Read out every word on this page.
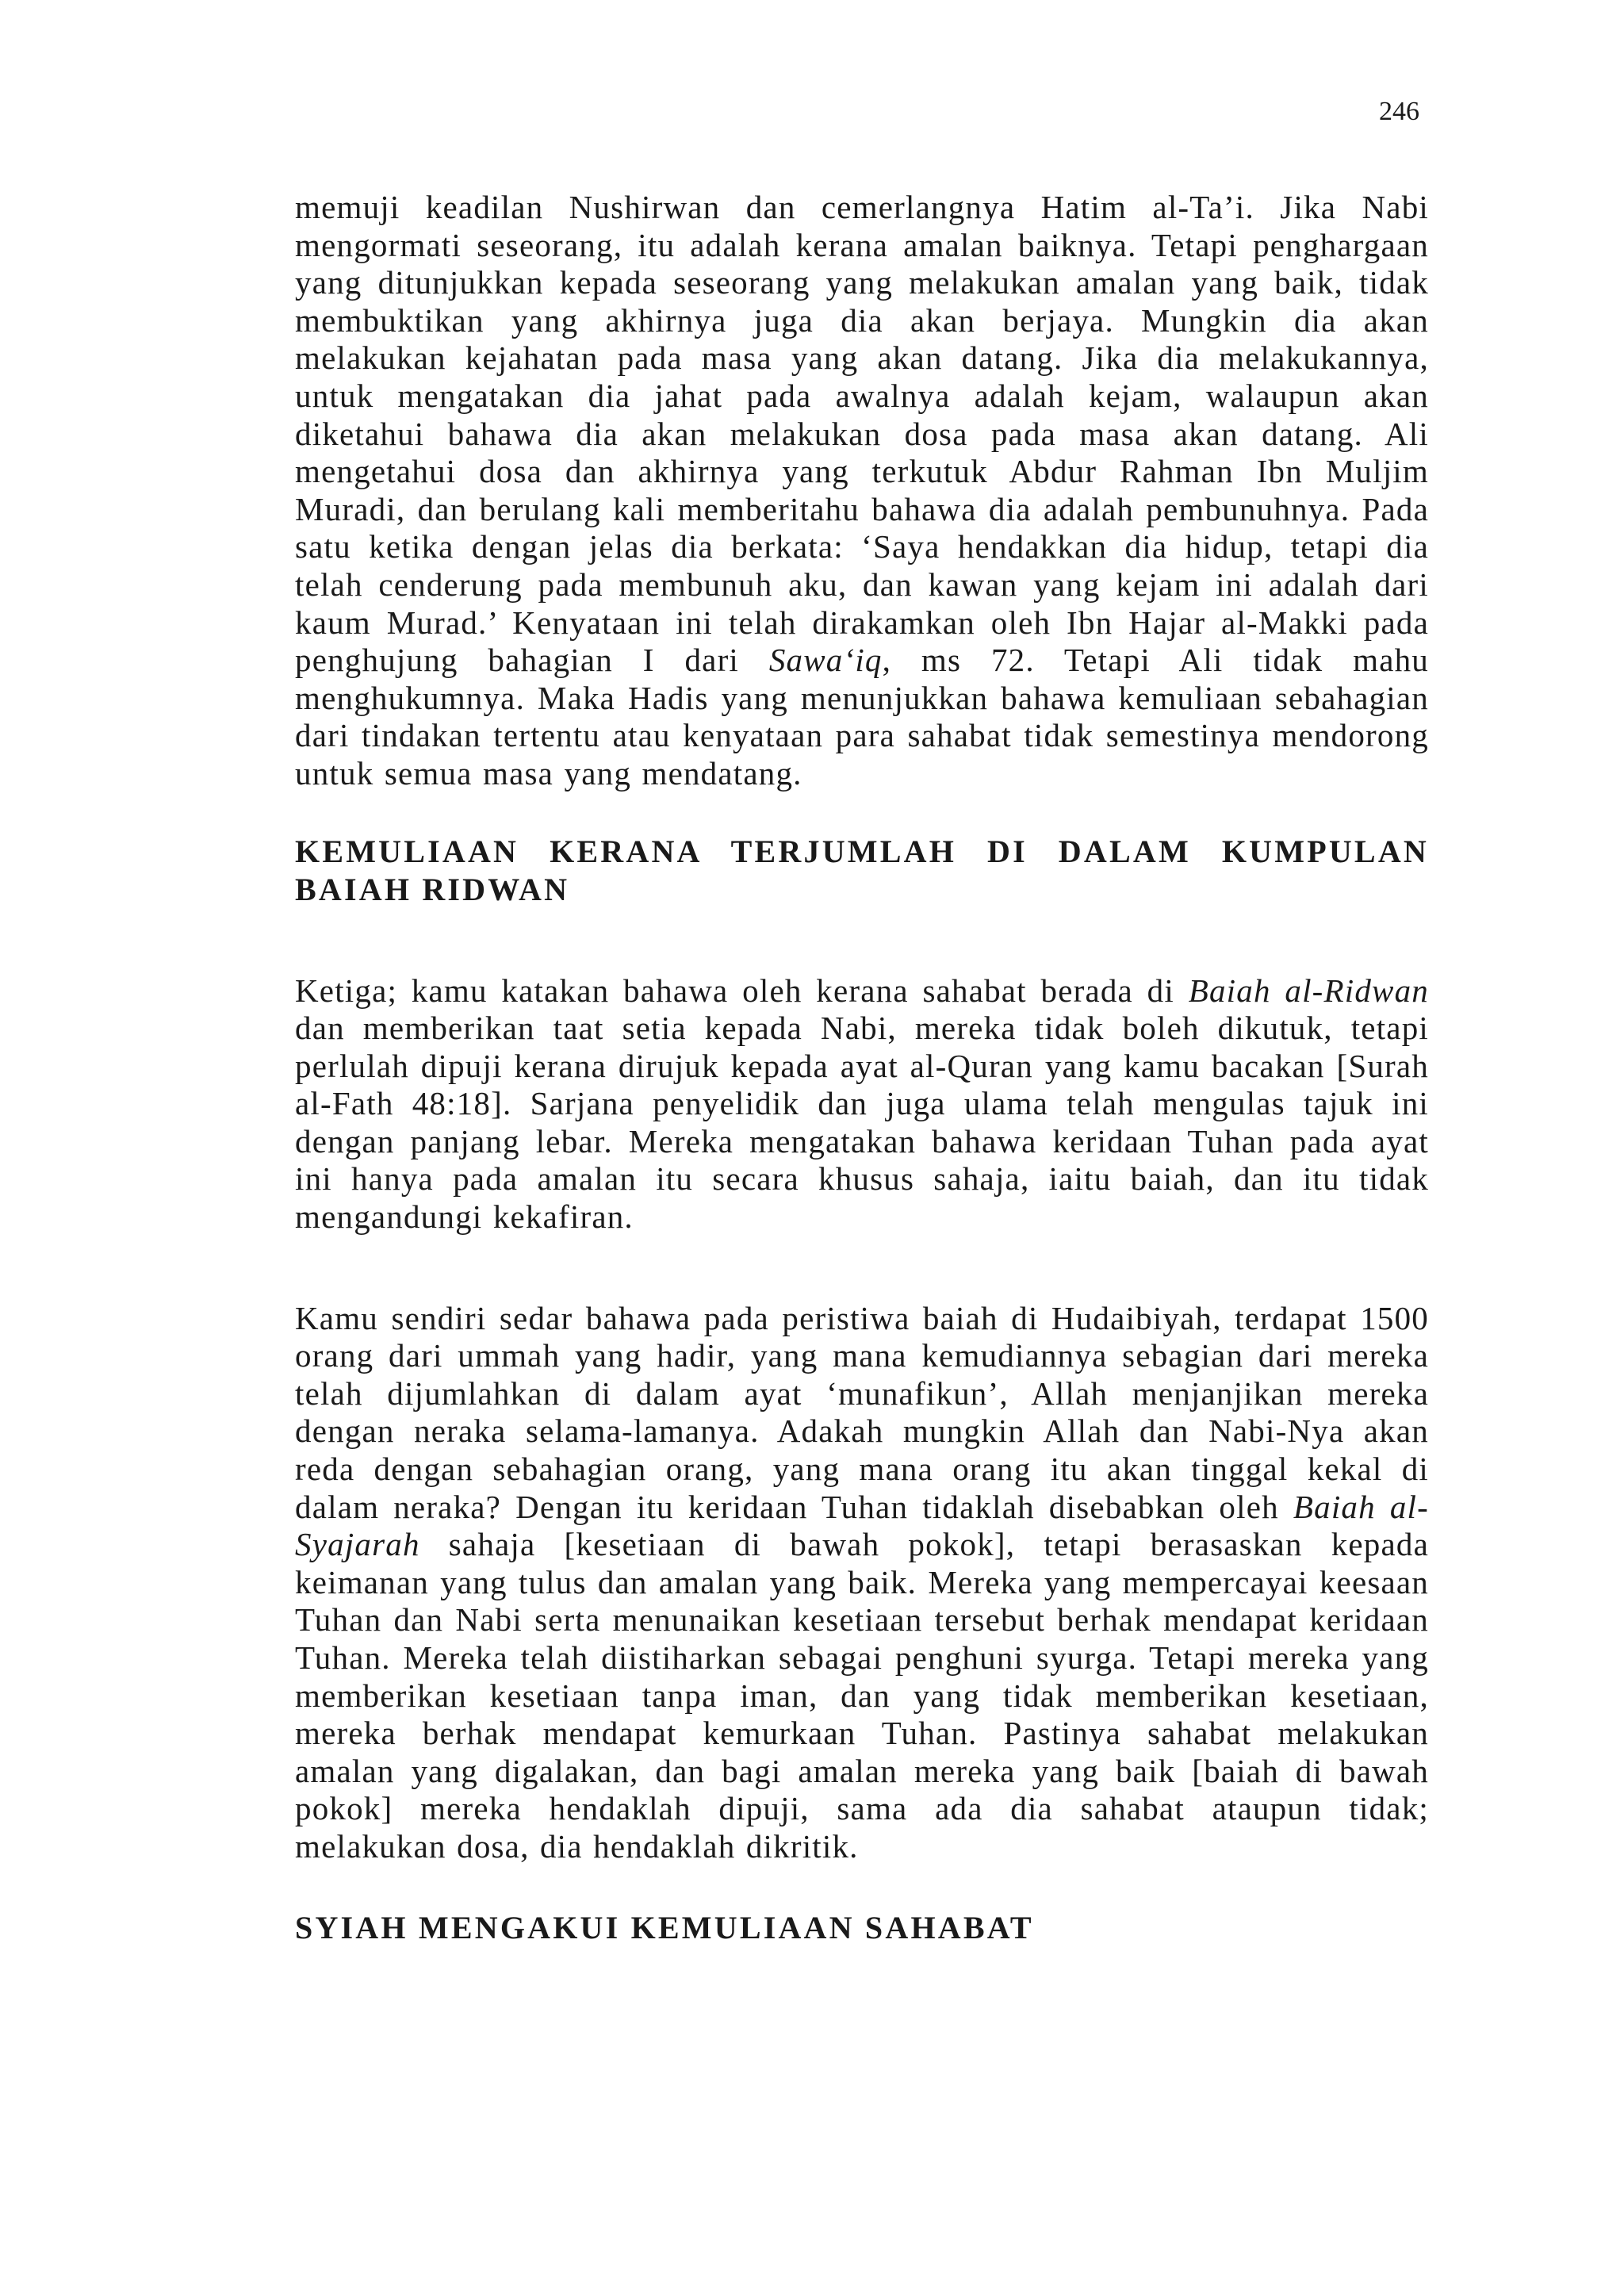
246

memuji keadilan Nushirwan dan cemerlangnya Hatim al-Ta’i. Jika Nabi mengormati seseorang, itu adalah kerana amalan baiknya. Tetapi penghargaan yang ditunjukkan kepada seseorang yang melakukan amalan yang baik, tidak membuktikan yang akhirnya juga dia akan berjaya. Mungkin dia akan melakukan kejahatan pada masa yang akan datang. Jika dia melakukannya, untuk mengatakan dia jahat pada awalnya adalah kejam, walaupun akan diketahui bahawa dia akan melakukan dosa pada masa akan datang. Ali mengetahui dosa dan akhirnya yang terkutuk Abdur Rahman Ibn Muljim Muradi, dan berulang kali memberitahu bahawa dia adalah pembunuhnya. Pada satu ketika dengan jelas dia berkata: ‘Saya hendakkan dia hidup, tetapi dia telah cenderung pada membunuh aku, dan kawan yang kejam ini adalah dari kaum Murad.’ Kenyataan ini telah dirakamkan oleh Ibn Hajar al-Makki pada penghujung bahagian I dari Sawa‘iq, ms 72. Tetapi Ali tidak mahu menghukumnya. Maka Hadis yang menunjukkan bahawa kemuliaan sebahagian dari tindakan tertentu atau kenyataan para sahabat tidak semestinya mendorong untuk semua masa yang mendatang.

KEMULIAAN KERANA TERJUMLAH DI DALAM KUMPULAN BAIAH RIDWAN

Ketiga; kamu katakan bahawa oleh kerana sahabat berada di Baiah al-Ridwan dan memberikan taat setia kepada Nabi, mereka tidak boleh dikutuk, tetapi perlulah dipuji kerana dirujuk kepada ayat al-Quran yang kamu bacakan [Surah al-Fath 48:18]. Sarjana penyelidik dan juga ulama telah mengulas tajuk ini dengan panjang lebar. Mereka mengatakan bahawa keridaan Tuhan pada ayat ini hanya pada amalan itu secara khusus sahaja, iaitu baiah, dan itu tidak mengandungi kekafiran.

Kamu sendiri sedar bahawa pada peristiwa baiah di Hudaibiyah, terdapat 1500 orang dari ummah yang hadir, yang mana kemudiannya sebagian dari mereka telah dijumlahkan di dalam ayat ‘munafikun’, Allah menjanjikan mereka dengan neraka selama-lamanya. Adakah mungkin Allah dan Nabi-Nya akan reda dengan sebahagian orang, yang mana orang itu akan tinggal kekal di dalam neraka? Dengan itu keridaan Tuhan tidaklah disebabkan oleh Baiah al-Syajarah sahaja [kesetiaan di bawah pokok], tetapi berasaskan kepada keimanan yang tulus dan amalan yang baik. Mereka yang mempercayai keesaan Tuhan dan Nabi serta menunaikan kesetiaan tersebut berhak mendapat keridaan Tuhan. Mereka telah diistiharkan sebagai penghuni syurga. Tetapi mereka yang memberikan kesetiaan tanpa iman, dan yang tidak memberikan kesetiaan, mereka berhak mendapat kemurkaan Tuhan. Pastinya sahabat melakukan amalan yang digalakan, dan bagi amalan mereka yang baik [baiah di bawah pokok] mereka hendaklah dipuji, sama ada dia sahabat ataupun tidak; melakukan dosa, dia hendaklah dikritik.

SYIAH MENGAKUI KEMULIAAN SAHABAT
